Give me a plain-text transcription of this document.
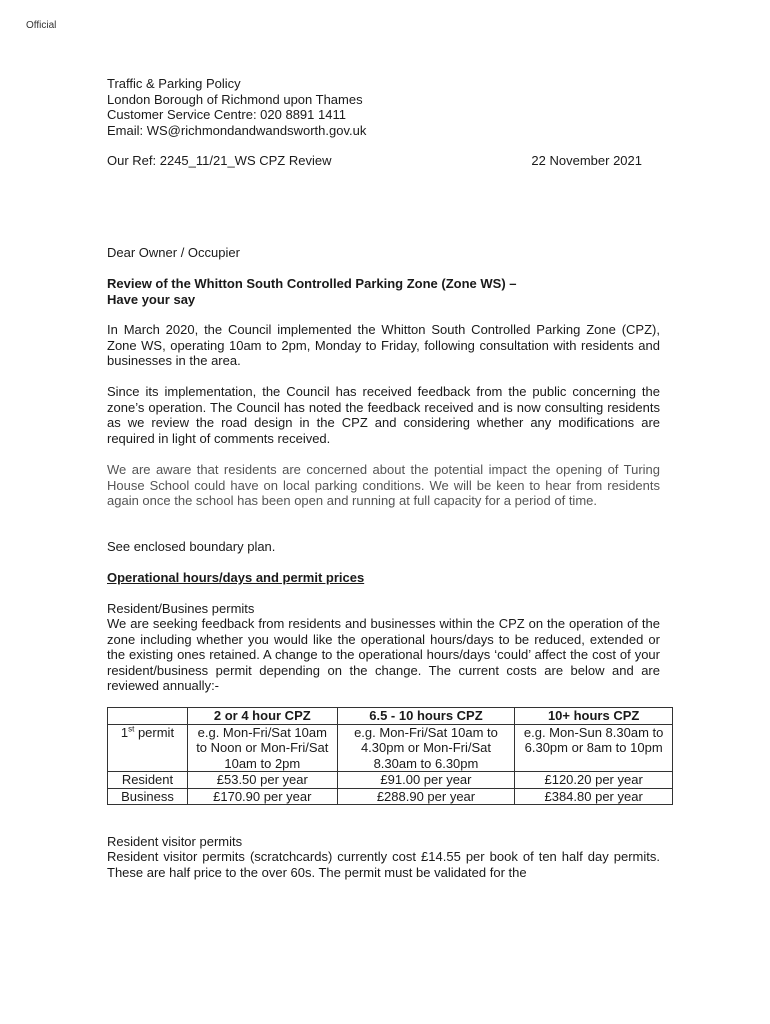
Official
Traffic & Parking Policy
London Borough of Richmond upon Thames
Customer Service Centre: 020 8891 1411
Email: WS@richmondandwandsworth.gov.uk
Our Ref: 2245_11/21_WS CPZ Review	22 November 2021
Dear Owner / Occupier
Review of the Whitton South Controlled Parking Zone (Zone WS) –
Have your say

In March 2020, the Council implemented the Whitton South Controlled Parking Zone (CPZ), Zone WS, operating 10am to 2pm, Monday to Friday, following consultation with residents and businesses in the area.

Since its implementation, the Council has received feedback from the public concerning the zone’s operation. The Council has noted the feedback received and is now consulting residents as we review the road design in the CPZ and considering whether any modifications are required in light of comments received.

We are aware that residents are concerned about the potential impact the opening of Turing House School could have on local parking conditions. We will be keen to hear from residents again once the school has been open and running at full capacity for a period of time.

See enclosed boundary plan.

Operational hours/days and permit prices
Resident/Busines permits

We are seeking feedback from residents and businesses within the CPZ on the operation of the zone including whether you would like the operational hours/days to be reduced, extended or the existing ones retained. A change to the operational hours/days ‘could’ affect the cost of your resident/business permit depending on the change. The current costs are below and are reviewed annually:-

	2 or 4 hour CPZ	6.5 - 10 hours CPZ	10+ hours CPZ
1st permit	e.g. Mon-Fri/Sat 10am to Noon or Mon-Fri/Sat 10am to 2pm	e.g. Mon-Fri/Sat 10am to 4.30pm or Mon-Fri/Sat 8.30am to 6.30pm	e.g. Mon-Sun 8.30am to 6.30pm or 8am to 10pm
Resident	£53.50 per year	£91.00 per year	£120.20 per year
Business	£170.90 per year	£288.90 per year	£384.80 per year
Resident visitor permits

Resident visitor permits (scratchcards) currently cost £14.55 per book of ten half day permits. These are half price to the over 60s. The permit must be validated for the
